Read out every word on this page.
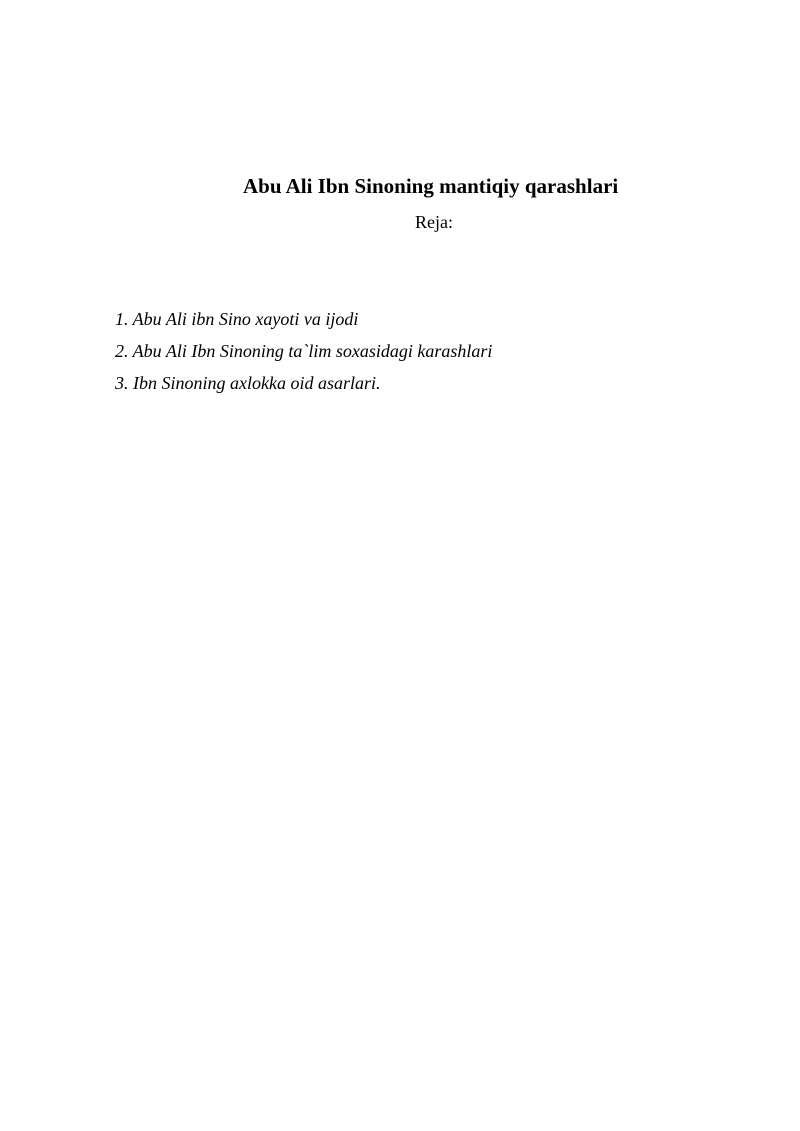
Abu Ali Ibn Sinoning mantiqiy qarashlari
Reja:
1. Abu Ali ibn Sino xayoti va ijodi
2. Abu Ali Ibn Sinoning ta`lim soxasidagi karashlari
3. Ibn Sinoning axlokka oid asarlari.
